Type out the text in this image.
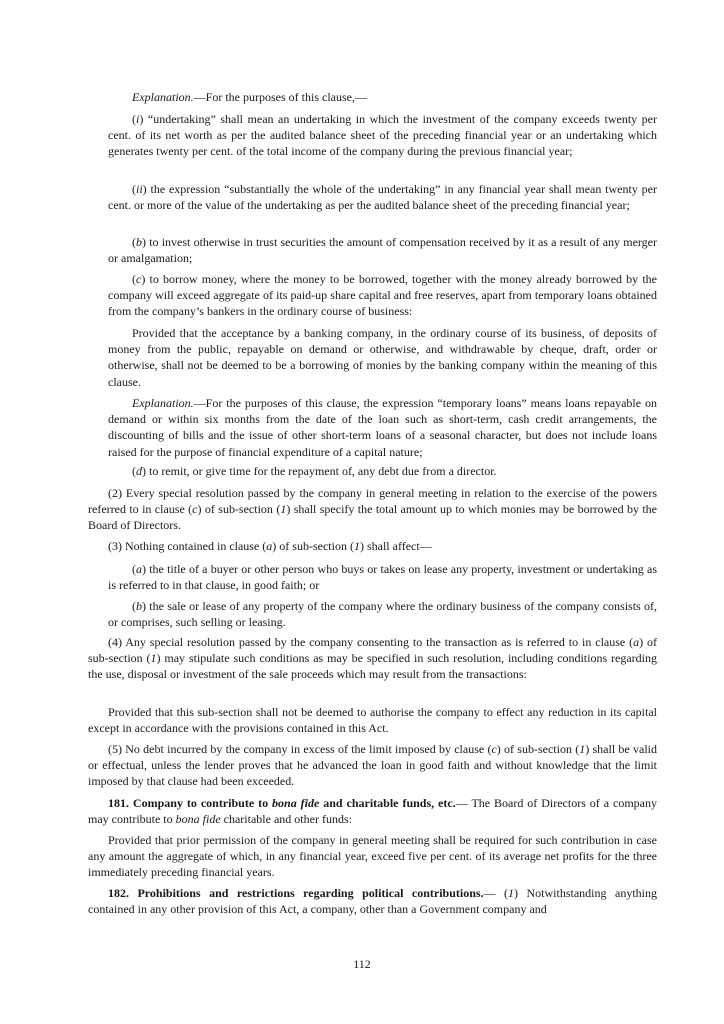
Explanation.—For the purposes of this clause,—

(i) “undertaking” shall mean an undertaking in which the investment of the company exceeds twenty per cent. of its net worth as per the audited balance sheet of the preceding financial year or an undertaking which generates twenty per cent. of the total income of the company during the previous financial year;

(ii) the expression “substantially the whole of the undertaking” in any financial year shall mean twenty per cent. or more of the value of the undertaking as per the audited balance sheet of the preceding financial year;

(b) to invest otherwise in trust securities the amount of compensation received by it as a result of any merger or amalgamation;

(c) to borrow money, where the money to be borrowed, together with the money already borrowed by the company will exceed aggregate of its paid-up share capital and free reserves, apart from temporary loans obtained from the company’s bankers in the ordinary course of business:

Provided that the acceptance by a banking company, in the ordinary course of its business, of deposits of money from the public, repayable on demand or otherwise, and withdrawable by cheque, draft, order or otherwise, shall not be deemed to be a borrowing of monies by the banking company within the meaning of this clause.

Explanation.—For the purposes of this clause, the expression “temporary loans” means loans repayable on demand or within six months from the date of the loan such as short-term, cash credit arrangements, the discounting of bills and the issue of other short-term loans of a seasonal character, but does not include loans raised for the purpose of financial expenditure of a capital nature;

(d) to remit, or give time for the repayment of, any debt due from a director.

(2) Every special resolution passed by the company in general meeting in relation to the exercise of the powers referred to in clause (c) of sub-section (1) shall specify the total amount up to which monies may be borrowed by the Board of Directors.

(3) Nothing contained in clause (a) of sub-section (1) shall affect—

(a) the title of a buyer or other person who buys or takes on lease any property, investment or undertaking as is referred to in that clause, in good faith; or

(b) the sale or lease of any property of the company where the ordinary business of the company consists of, or comprises, such selling or leasing.

(4) Any special resolution passed by the company consenting to the transaction as is referred to in clause (a) of sub-section (1) may stipulate such conditions as may be specified in such resolution, including conditions regarding the use, disposal or investment of the sale proceeds which may result from the transactions:

Provided that this sub-section shall not be deemed to authorise the company to effect any reduction in its capital except in accordance with the provisions contained in this Act.

(5) No debt incurred by the company in excess of the limit imposed by clause (c) of sub-section (1) shall be valid or effectual, unless the lender proves that he advanced the loan in good faith and without knowledge that the limit imposed by that clause had been exceeded.

181. Company to contribute to bona fide and charitable funds, etc.— The Board of Directors of a company may contribute to bona fide charitable and other funds:

Provided that prior permission of the company in general meeting shall be required for such contribution in case any amount the aggregate of which, in any financial year, exceed five per cent. of its average net profits for the three immediately preceding financial years.

182. Prohibitions and restrictions regarding political contributions.— (1) Notwithstanding anything contained in any other provision of this Act, a company, other than a Government company and

112
